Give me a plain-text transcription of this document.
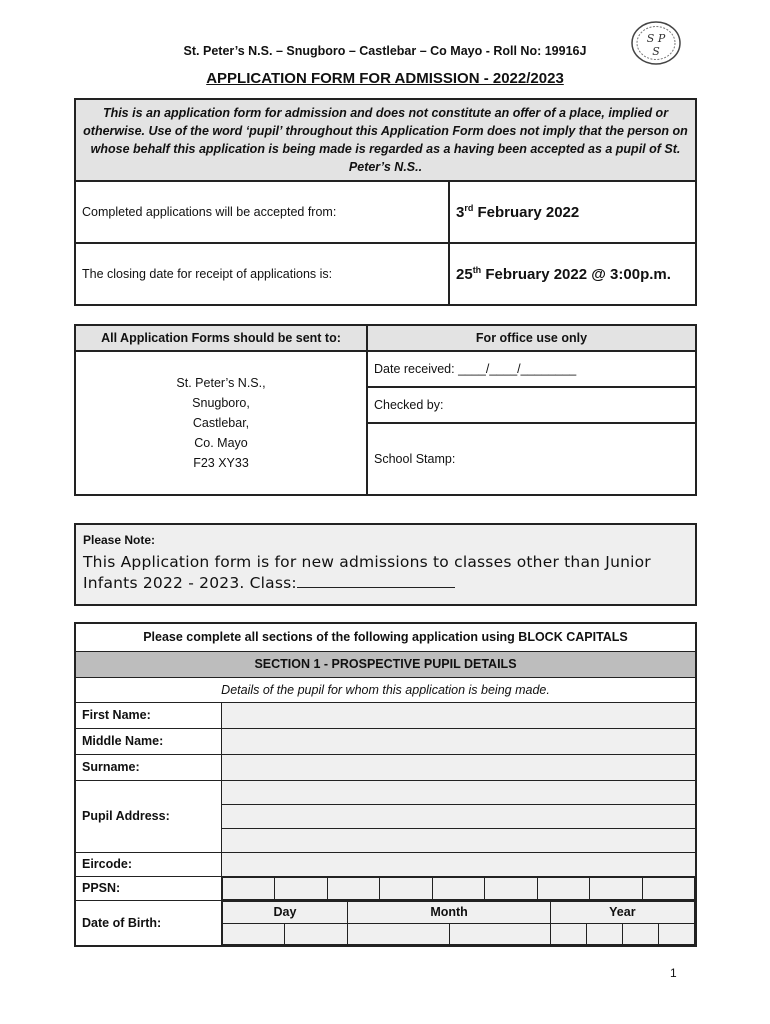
St. Peter’s N.S. – Snugboro – Castlebar – Co Mayo - Roll No: 19916J
S P
S
APPLICATION FORM FOR ADMISSION - 2022/2023
This is an application form for admission and does not constitute an offer of a place, implied or otherwise. Use of the word ‘pupil’ throughout this Application Form does not imply that the person on whose behalf this application is being made is regarded as a having been accepted as a pupil of St. Peter’s N.S..	
Completed applications will be accepted from:	3rd February 2022
The closing date for receipt of applications is:	25th February 2022 @ 3:00p.m.
All Application Forms should be sent to:	For office use only

St. Peter’s N.S.,
Snugboro,
Castlebar,
Co. Mayo
F23 XY33	Date received: ____/____/________
	Checked by:
	School Stamp:
Please Note:
This Application form is for new admissions to classes other than Junior Infants 2022 - 2023. Class:
Please complete all sections of the following application using BLOCK CAPITALS
SECTION 1 - PROSPECTIVE PUPIL DETAILS
Details of the pupil for whom this application is being made.
First Name:	
Middle Name:	
Surname:	
Pupil Address:	

Eircode:	
PPSN:	

Date of Birth:	
Day	Month	Year

1
